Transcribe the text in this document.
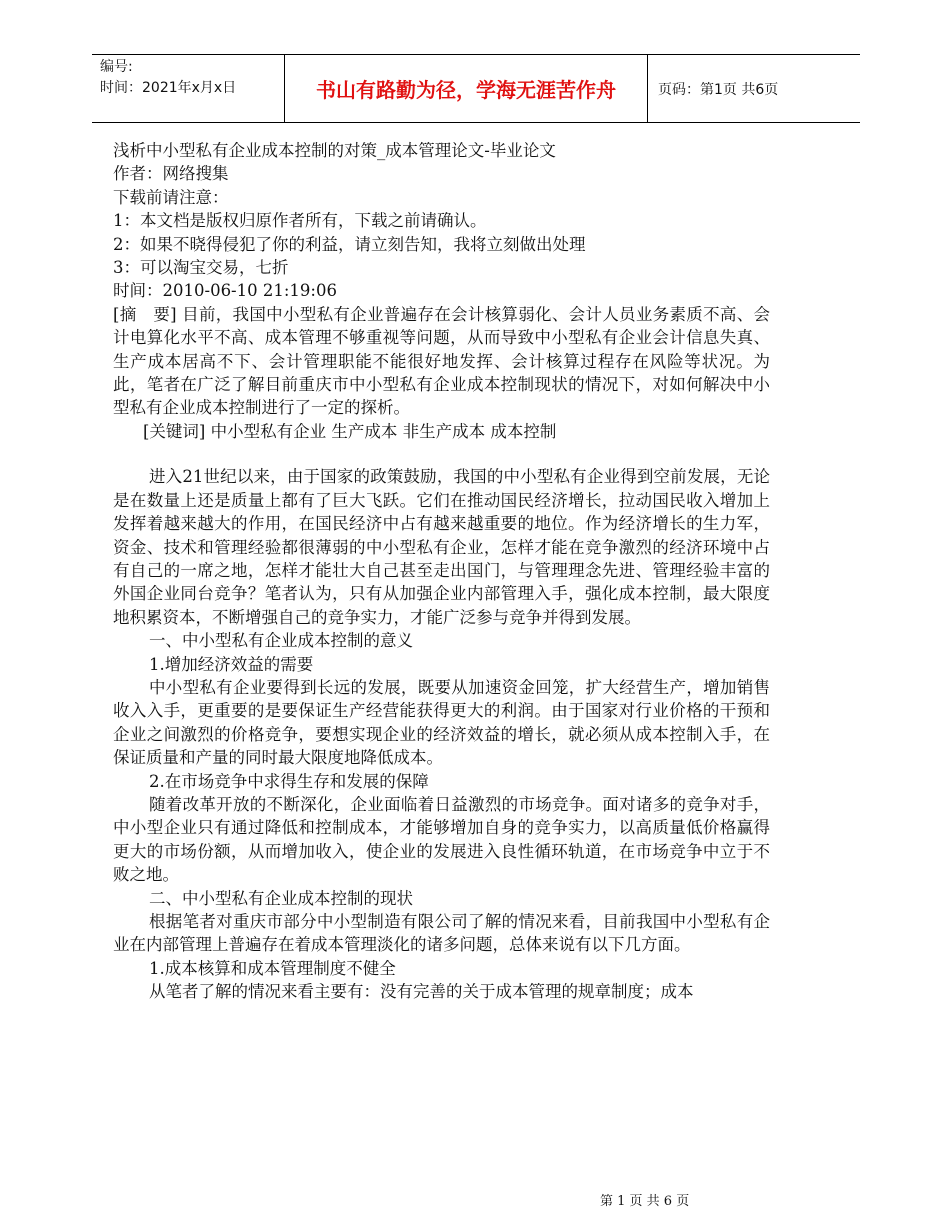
编号:
时间：2021年x月x日	书山有路勤为径，学海无涯苦作舟	页码：第1页 共6页

浅析中小型私有企业成本控制的对策_成本管理论文-毕业论文

作者：网络搜集

下载前请注意：

1：本文档是版权归原作者所有，下载之前请确认。

2：如果不晓得侵犯了你的利益，请立刻告知，我将立刻做出处理

3：可以淘宝交易，七折

时间：2010-06-10 21:19:06

[摘　要] 目前，我国中小型私有企业普遍存在会计核算弱化、会计人员业务素质不高、会计电算化水平不高、成本管理不够重视等问题，从而导致中小型私有企业会计信息失真、生产成本居高不下、会计管理职能不能很好地发挥、会计核算过程存在风险等状况。为此，笔者在广泛了解目前重庆市中小型私有企业成本控制现状的情况下，对如何解决中小型私有企业成本控制进行了一定的探析。

[关键词] 中小型私有企业 生产成本 非生产成本 成本控制

进入21世纪以来，由于国家的政策鼓励，我国的中小型私有企业得到空前发展，无论是在数量上还是质量上都有了巨大飞跃。它们在推动国民经济增长，拉动国民收入增加上发挥着越来越大的作用，在国民经济中占有越来越重要的地位。作为经济增长的生力军，资金、技术和管理经验都很薄弱的中小型私有企业，怎样才能在竞争激烈的经济环境中占有自己的一席之地，怎样才能壮大自己甚至走出国门，与管理理念先进、管理经验丰富的外国企业同台竞争？笔者认为，只有从加强企业内部管理入手，强化成本控制，最大限度地积累资本，不断增强自己的竞争实力，才能广泛参与竞争并得到发展。

一、中小型私有企业成本控制的意义

1.增加经济效益的需要

中小型私有企业要得到长远的发展，既要从加速资金回笼，扩大经营生产，增加销售收入入手，更重要的是要保证生产经营能获得更大的利润。由于国家对行业价格的干预和企业之间激烈的价格竞争，要想实现企业的经济效益的增长，就必须从成本控制入手，在保证质量和产量的同时最大限度地降低成本。

2.在市场竞争中求得生存和发展的保障

随着改革开放的不断深化，企业面临着日益激烈的市场竞争。面对诸多的竞争对手，中小型企业只有通过降低和控制成本，才能够增加自身的竞争实力，以高质量低价格赢得更大的市场份额，从而增加收入，使企业的发展进入良性循环轨道，在市场竞争中立于不败之地。

二、中小型私有企业成本控制的现状

根据笔者对重庆市部分中小型制造有限公司了解的情况来看，目前我国中小型私有企业在内部管理上普遍存在着成本管理淡化的诸多问题，总体来说有以下几方面。

1.成本核算和成本管理制度不健全

从笔者了解的情况来看主要有：没有完善的关于成本管理的规章制度；成本

第 1 页 共 6 页
